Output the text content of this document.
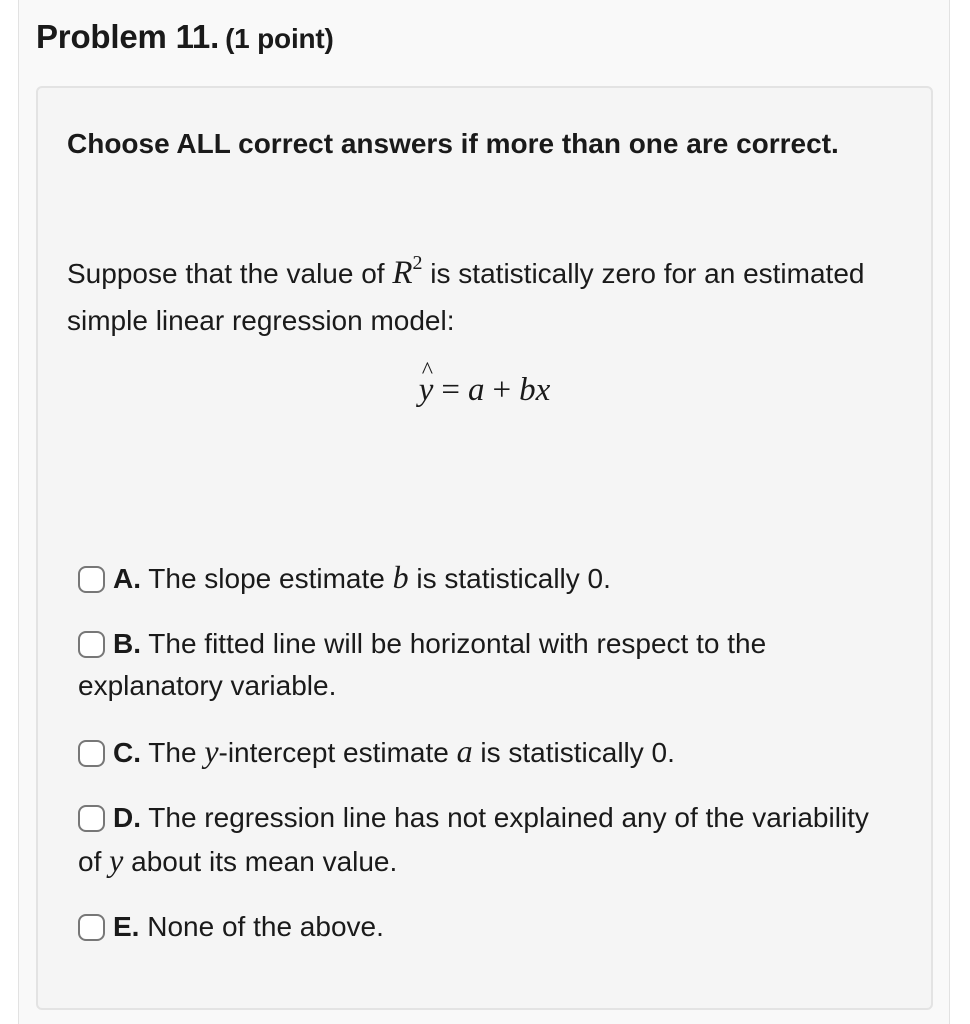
Problem 11. (1 point)

Choose ALL correct answers if more than one are correct.

Suppose that the value of $R^2$ is statistically zero for an estimated simple linear regression model:

^ y = a + bx
A. The slope estimate b is statistically 0.
B. The fitted line will be horizontal with respect to the explanatory variable.
C. The y-intercept estimate a is statistically 0.
D. The regression line has not explained any of the variability of y about its mean value.
E. None of the above.
